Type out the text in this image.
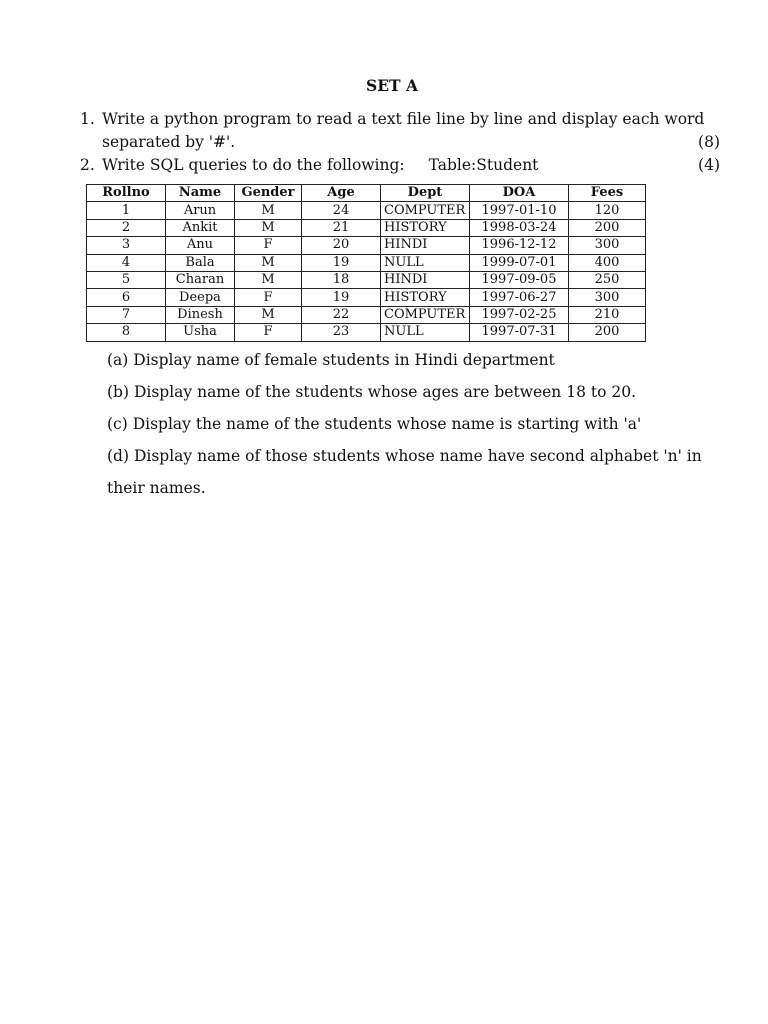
SET A
1. Write a python program to read a text file line by line and display each word
separated by '#'.	(8)
2. Write SQL queries to do the following: Table:Student	(4)
Rollno	Name	Gender	Age	Dept	DOA	Fees
1	Arun	M	24	COMPUTER	1997-01-10	120
2	Ankit	M	21	HISTORY	1998-03-24	200
3	Anu	F	20	HINDI	1996-12-12	300
4	Bala	M	19	NULL	1999-07-01	400
5	Charan	M	18	HINDI	1997-09-05	250
6	Deepa	F	19	HISTORY	1997-06-27	300
7	Dinesh	M	22	COMPUTER	1997-02-25	210
8	Usha	F	23	NULL	1997-07-31	200
(a) Display name of female students in Hindi department
(b) Display name of the students whose ages are between 18 to 20.
(c) Display the name of the students whose name is starting with 'a'
(d) Display name of those students whose name have second alphabet 'n' in their names.
